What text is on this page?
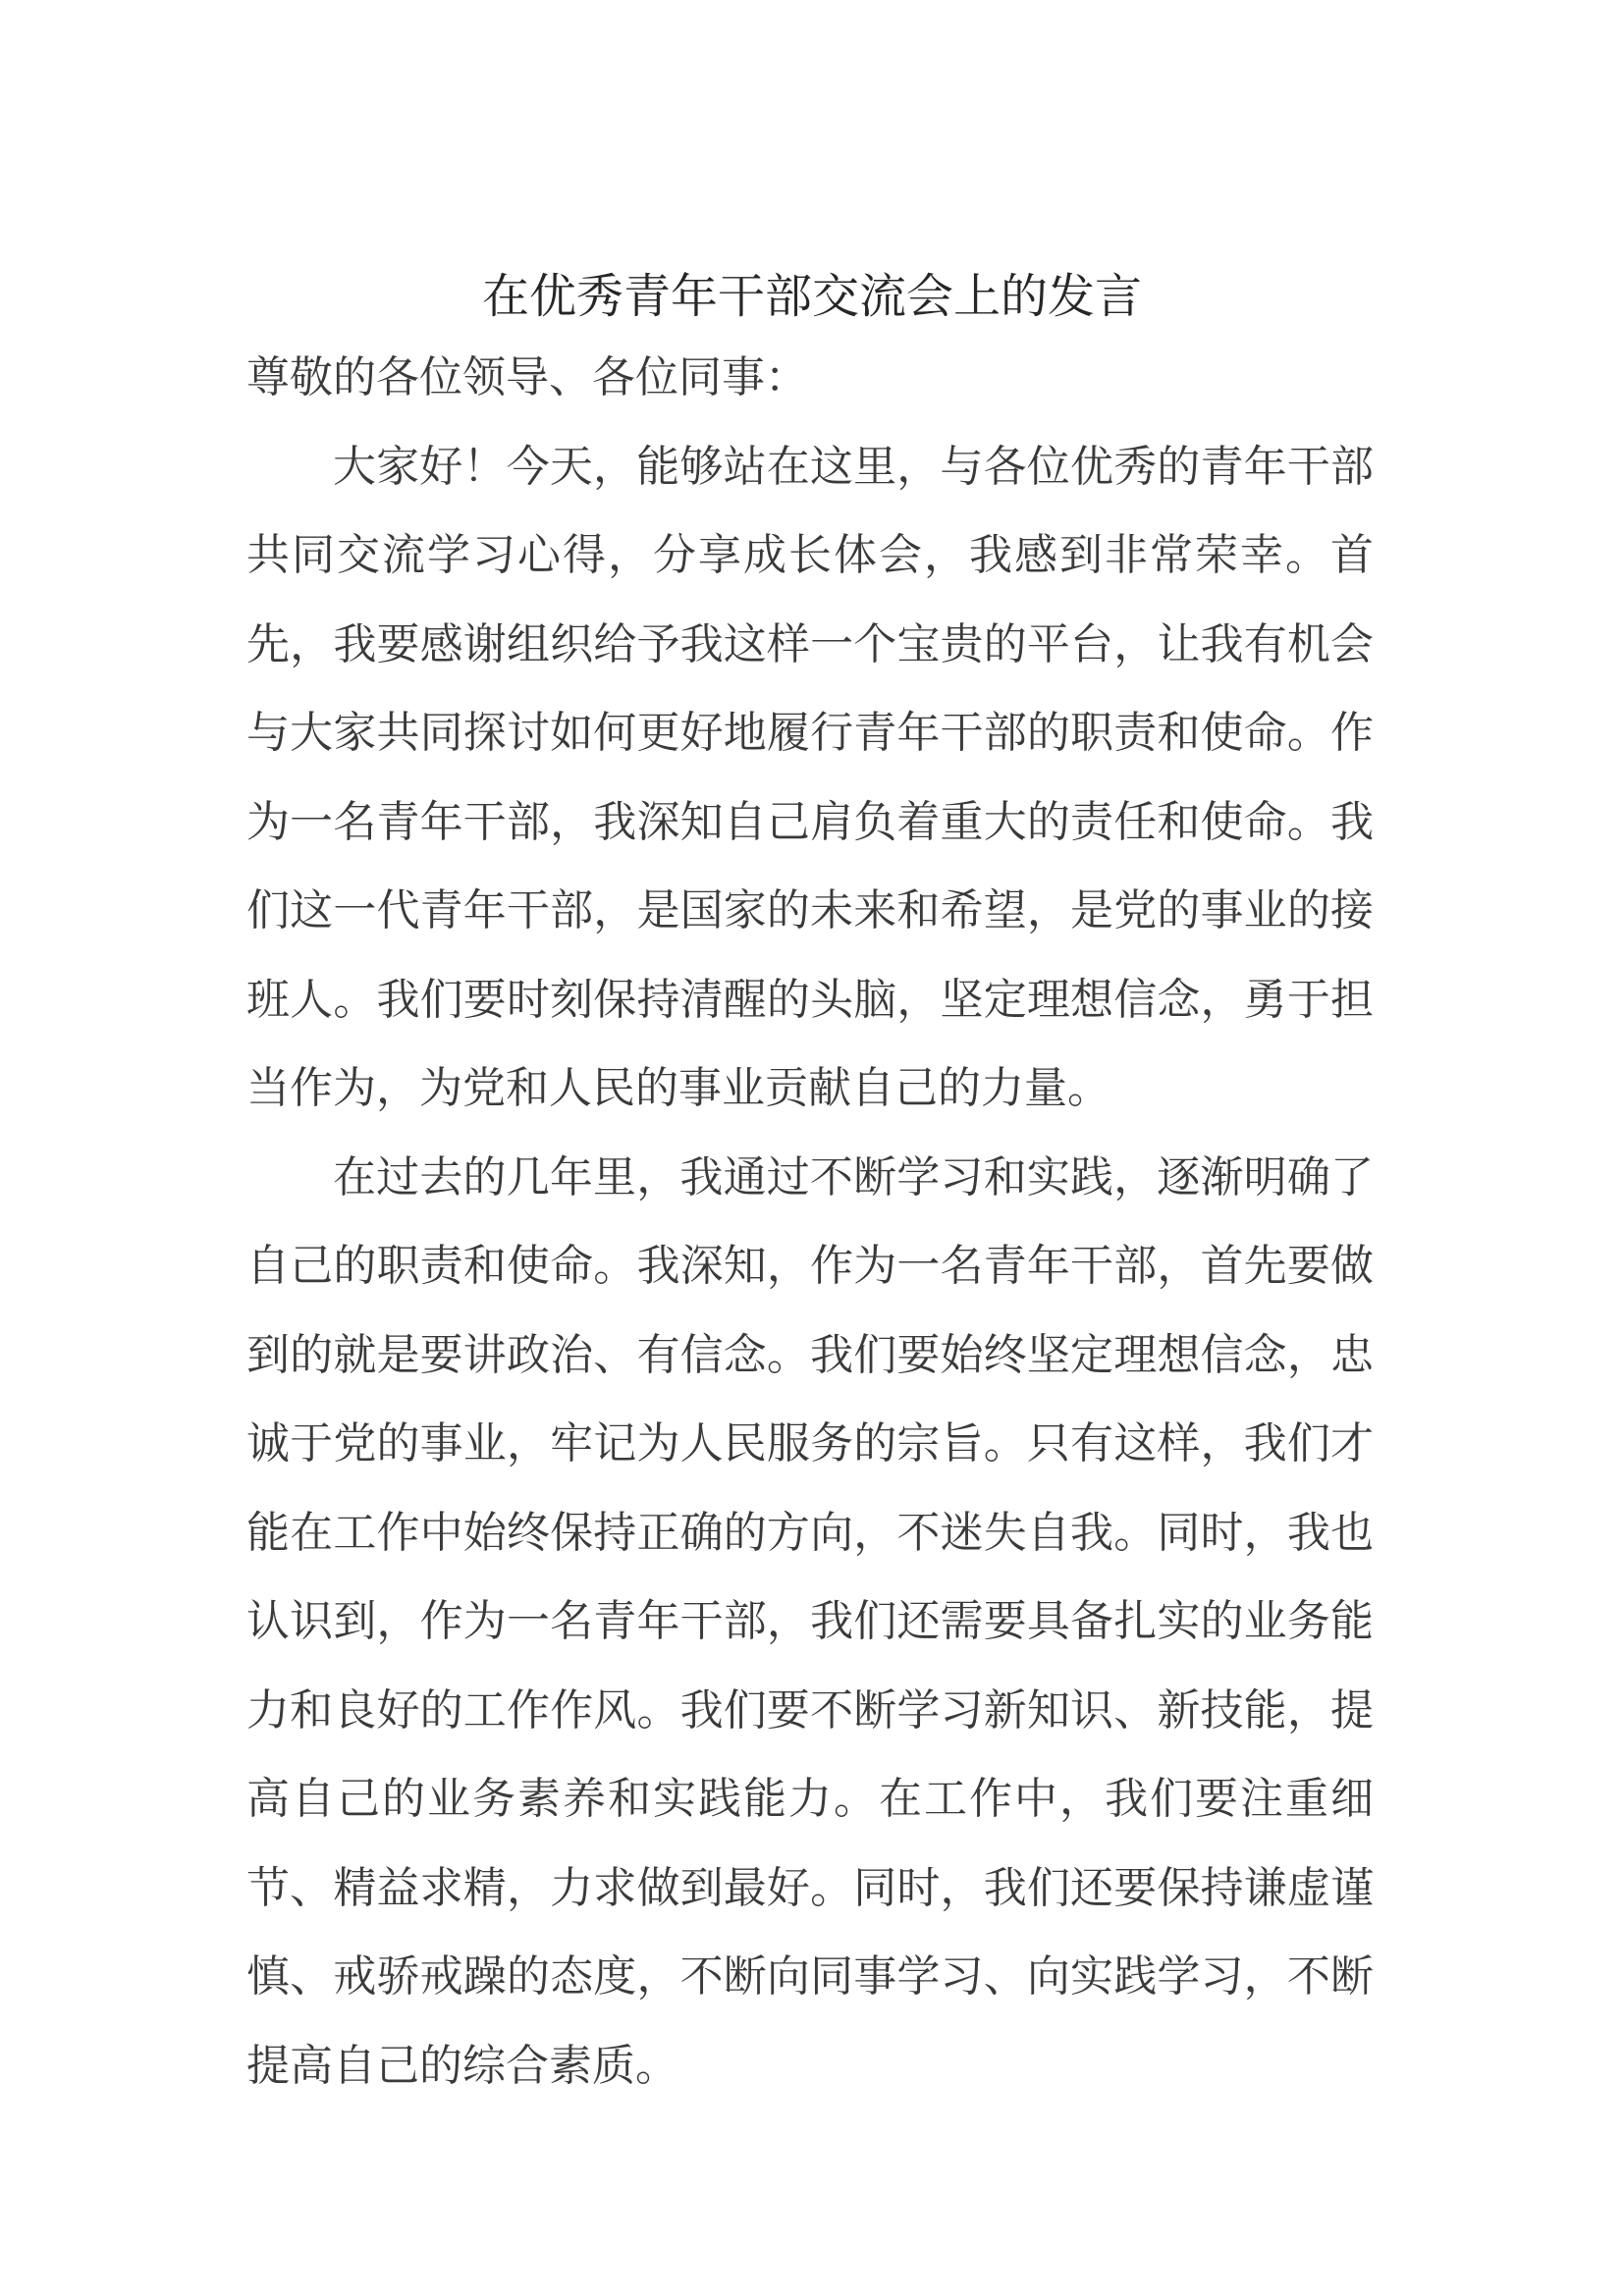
在优秀青年干部交流会上的发言

尊敬的各位领导、各位同事：

大家好！今天，能够站在这里，与各位优秀的青年干部共同交流学习心得，分享成长体会，我感到非常荣幸。首先，我要感谢组织给予我这样一个宝贵的平台，让我有机会与大家共同探讨如何更好地履行青年干部的职责和使命。作为一名青年干部，我深知自己肩负着重大的责任和使命。我们这一代青年干部，是国家的未来和希望，是党的事业的接班人。我们要时刻保持清醒的头脑，坚定理想信念，勇于担当作为，为党和人民的事业贡献自己的力量。

在过去的几年里，我通过不断学习和实践，逐渐明确了自己的职责和使命。我深知，作为一名青年干部，首先要做到的就是要讲政治、有信念。我们要始终坚定理想信念，忠诚于党的事业，牢记为人民服务的宗旨。只有这样，我们才能在工作中始终保持正确的方向，不迷失自我。同时，我也认识到，作为一名青年干部，我们还需要具备扎实的业务能力和良好的工作作风。我们要不断学习新知识、新技能，提高自己的业务素养和实践能力。在工作中，我们要注重细节、精益求精，力求做到最好。同时，我们还要保持谦虚谨慎、戒骄戒躁的态度，不断向同事学习、向实践学习，不断提高自己的综合素质。
